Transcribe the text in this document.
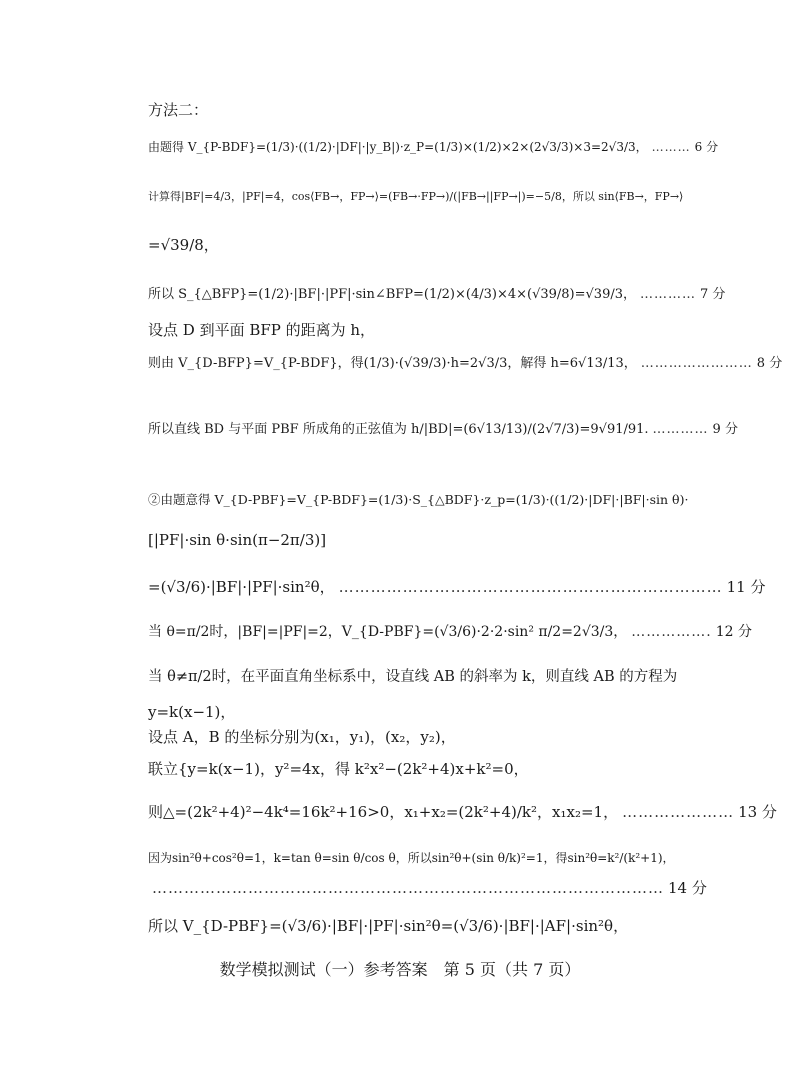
方法二：
由题得 V_{P-BDF}=(1/3)·((1/2)·|DF|·|y_B|)·z_P=(1/3)×(1/2)×2×(2√3/3)×3=2√3/3， ……… 6 分
计算得|BF|=4/3，|PF|=4，cos⟨FB→，FP→⟩=(FB→·FP→)/(|FB→||FP→|)=−5/8，所以 sin⟨FB→，FP→⟩
=√39/8，
所以 S_{△BFP}=(1/2)·|BF|·|PF|·sin∠BFP=(1/2)×(4/3)×4×(√39/8)=√39/3， ………… 7 分
设点 D 到平面 BFP 的距离为 h，
则由 V_{D-BFP}=V_{P-BDF}，得(1/3)·(√39/3)·h=2√3/3，解得 h=6√13/13， …………………… 8 分
所以直线 BD 与平面 PBF 所成角的正弦值为 h/|BD|=(6√13/13)/(2√7/3)=9√91/91. ………… 9 分
②由题意得 V_{D-PBF}=V_{P-BDF}=(1/3)·S_{△BDF}·z_p=(1/3)·((1/2)·|DF|·|BF|·sin θ)·
[|PF|·sin θ·sin(π−2π/3)]
=(√3/6)·|BF|·|PF|·sin²θ， ……………………………………………………………… 11 分
当 θ=π/2时，|BF|=|PF|=2，V_{D-PBF}=(√3/6)·2·2·sin² π/2=2√3/3， ……………. 12 分
当 θ≠π/2时，在平面直角坐标系中，设直线 AB 的斜率为 k，则直线 AB 的方程为
y=k(x−1)，
设点 A，B 的坐标分别为(x₁，y₁)，(x₂，y₂)，
联立{y=k(x−1)，y²=4x，得 k²x²−(2k²+4)x+k²=0，
则△=(2k²+4)²−4k⁴=16k²+16>0，x₁+x₂=(2k²+4)/k²，x₁x₂=1， ………………… 13 分
因为sin²θ+cos²θ=1，k=tan θ=sin θ/cos θ，所以sin²θ+(sin θ/k)²=1，得sin²θ=k²/(k²+1)，
…………………………………………………………………………………… 14 分
所以 V_{D-PBF}=(√3/6)·|BF|·|PF|·sin²θ=(√3/6)·|BF|·|AF|·sin²θ，
数学模拟测试（一）参考答案　第 5 页（共 7 页）
